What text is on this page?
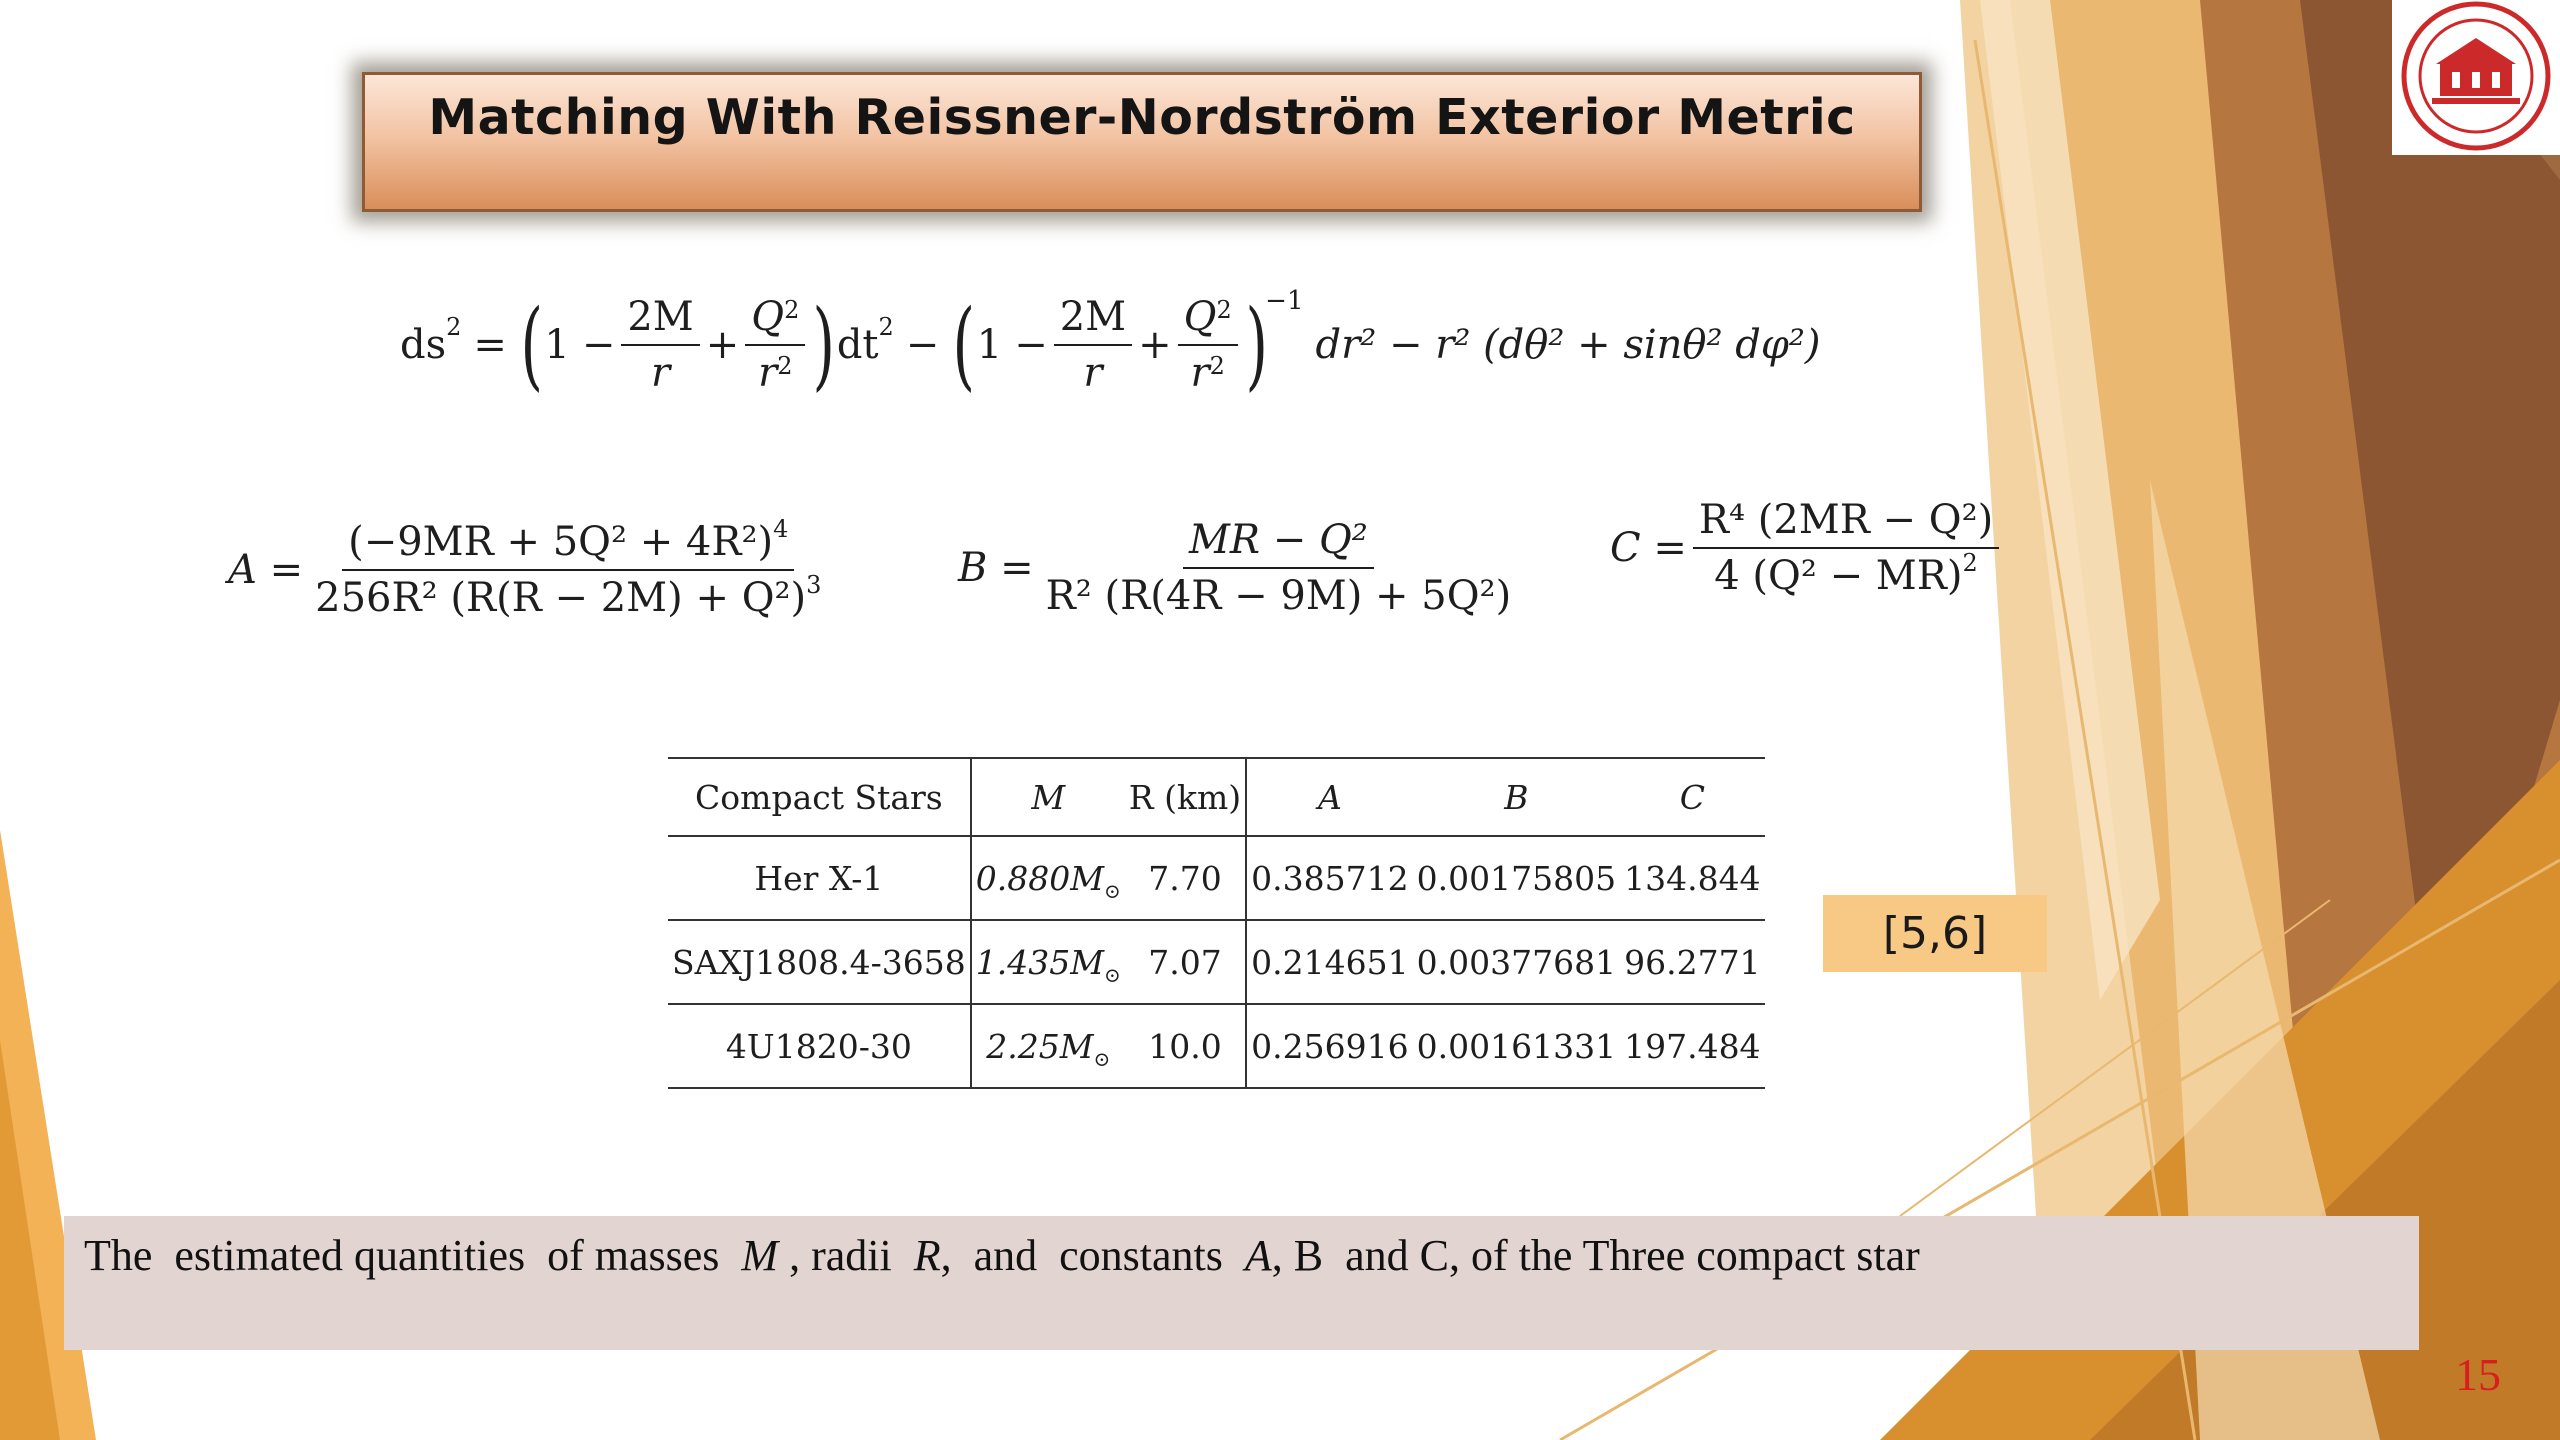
Matching With Reissner-Nordström Exterior Metric
ds 2 = ( $1 - \frac{2M}{r} + \frac{Q^2}{r^2}$ ) dt 2 − ( $1 - \frac{2M}{r} + \frac{Q^2}{r^2}$ )
−1
dr² − r² (dθ² + sinθ² dφ²)
$A = \frac{(-9MR + 5Q^2 + 4R^2)^4}{256R^2 (R(R - 2M) + Q^2)^3}$	$B = \frac{\text{MR − Q²}}{\text{R² (R(4R − 9M) + 5Q²)}}$ $C = \frac{\text{R⁴ (2MR − Q²)}}{4 (Q^2 - MR)^2}$
Compact Stars	M	R (km)	A	B	C
Her X-1	$0.880M_⊙$	7.70	0.385712	0.00175805	134.844
SAXJ1808.4-3658	$1.435M_⊙$	7.07	0.214651	0.00377681	96.2771
4U1820-30	$2.25M_⊙$	10.0	0.256916	0.00161331	197.484
[5,6]
The  estimated quantities  of masses  M , radii  R,  and  constants  A, B  and C, of the Three compact star
15
